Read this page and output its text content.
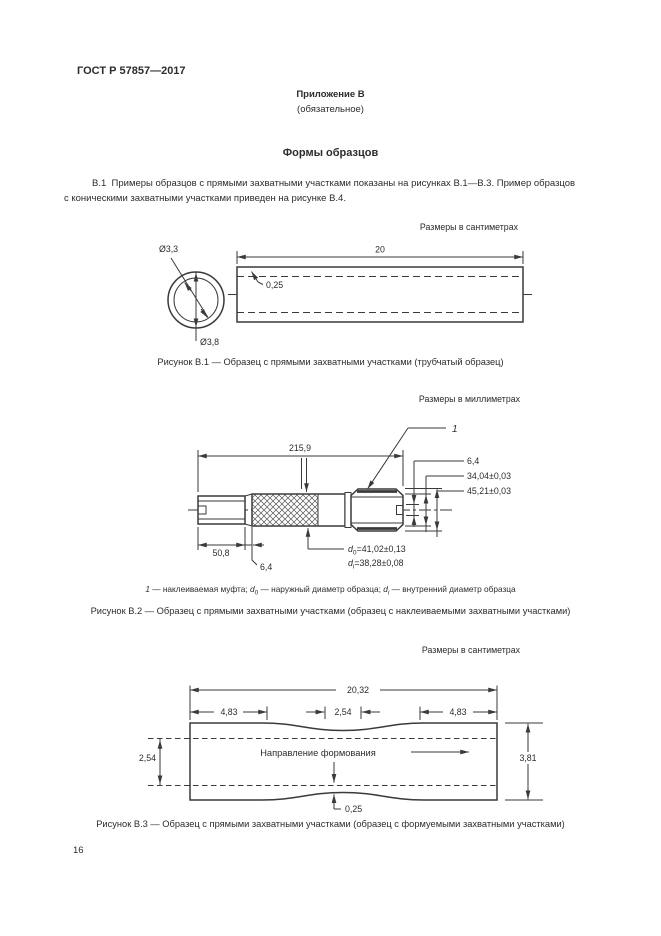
ГОСТ Р 57857—2017
Приложение В
(обязательное)
Формы образцов
В.1  Примеры образцов с прямыми захватными участками показаны на рисунках В.1—В.3. Пример образцов
с коническими захватными участками приведен на рисунке В.4.
Размеры в сантиметрах
Ø3,3
Ø3,8
20
0,25
Рисунок В.1 — Образец с прямыми захватными участками (трубчатый образец)
Размеры в миллиметрах
1
215,9
50,8
6,4
$d_0=41,02\pm 0,13$
$d_i=38,28\pm 0,08$
6,4
34,04±0,03
45,21±0,03
1 — наклеиваемая муфта; $d_0$ — наружный диаметр образца; $d_i$ — внутренний диаметр образца
Рисунок В.2 — Образец с прямыми захватными участками (образец с наклеиваемыми захватными участками)
Размеры в сантиметрах
2,54
20,32
4,83	2,54	4,83
Направление формования
0,25
3,81
Рисунок В.3 — Образец с прямыми захватными участками (образец с формуемыми захватными участками)
16
